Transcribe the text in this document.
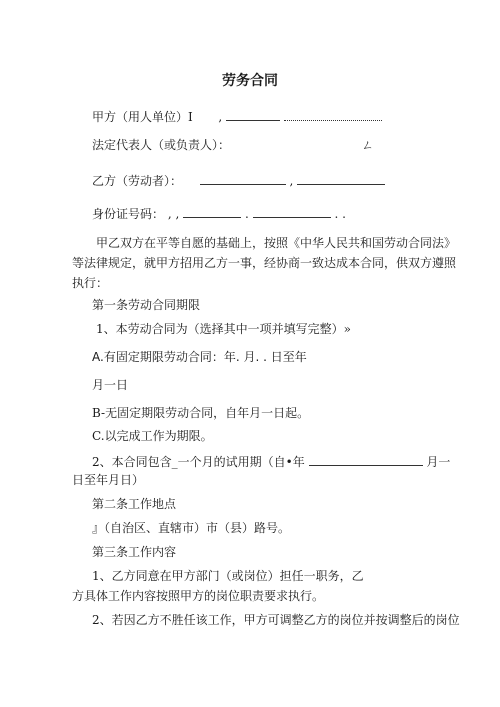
劳务合同
甲方（用人单位）I ,
法定代表人（或负责人）：	ㄥ
乙方（劳动者）：	,
身份证号码： , ,	.	. .
甲乙双方在平等自愿的基础上，按照《中华人民共和国劳动合同法》
等法律规定，就甲方招用乙方一事，经协商一致达成本合同，供双方遵照
执行：
第一条劳动合同期限
1、本劳动合同为（选择其中一项并填写完整）»
A.有固定期限劳动合同：年. 月. . 日至年
月一日
B-无固定期限劳动合同，自年月一日起。
C.以完成工作为期限。
2、本合同包含_一个月的试用期（自•年	月一
日至年月日）
第二条工作地点
』（自治区、直辖市）市（县）路号。
第三条工作内容
1、乙方同意在甲方部门（或岗位）担任一职务，乙
方具体工作内容按照甲方的岗位职责要求执行。
2、若因乙方不胜任该工作，甲方可调整乙方的岗位并按调整后的岗位
